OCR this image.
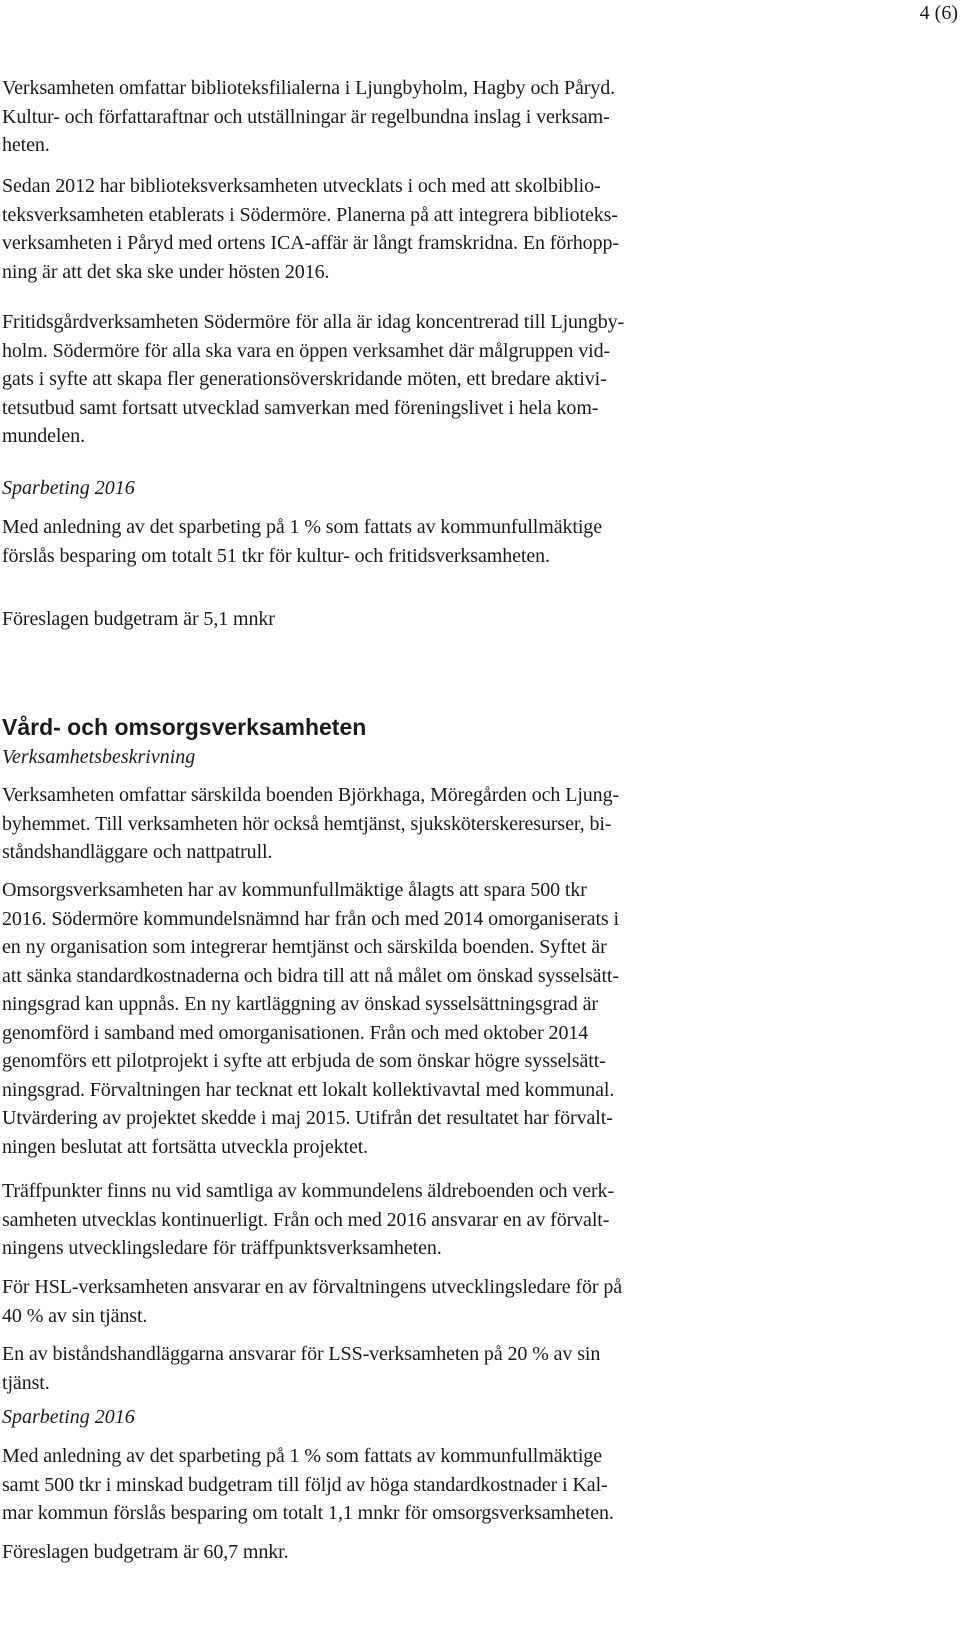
4 (6)

Verksamheten omfattar biblioteksfilialerna i Ljungbyholm, Hagby och Påryd.
Kultur- och författaraftnar och utställningar är regelbundna inslag i verksam-
heten.

Sedan 2012 har biblioteksverksamheten utvecklats i och med att skolbiblio-
teksverksamheten etablerats i Södermöre. Planerna på att integrera biblioteks-
verksamheten i Påryd med ortens ICA-affär är långt framskridna. En förhopp-
ning är att det ska ske under hösten 2016.

Fritidsgårdverksamheten Södermöre för alla är idag koncentrerad till Ljungby-
holm. Södermöre för alla ska vara en öppen verksamhet där målgruppen vid-
gats i syfte att skapa fler generationsöverskridande möten, ett bredare aktivi-
tetsutbud samt fortsatt utvecklad samverkan med föreningslivet i hela kom-
mundelen.

Sparbeting 2016

Med anledning av det sparbeting på 1 % som fattats av kommunfullmäktige
förslås besparing om totalt 51 tkr för kultur- och fritidsverksamheten.

Föreslagen budgetram är 5,1 mnkr

Vård- och omsorgsverksamheten
Verksamhetsbeskrivning

Verksamheten omfattar särskilda boenden Björkhaga, Möregården och Ljung-
byhemmet. Till verksamheten hör också hemtjänst, sjuksköterskeresurser, bi-
ståndshandläggare och nattpatrull.

Omsorgsverksamheten har av kommunfullmäktige ålagts att spara 500 tkr
2016. Södermöre kommundelsnämnd har från och med 2014 omorganiserats i
en ny organisation som integrerar hemtjänst och särskilda boenden. Syftet är
att sänka standardkostnaderna och bidra till att nå målet om önskad sysselsätt-
ningsgrad kan uppnås. En ny kartläggning av önskad sysselsättningsgrad är
genomförd i samband med omorganisationen. Från och med oktober 2014
genomförs ett pilotprojekt i syfte att erbjuda de som önskar högre sysselsätt-
ningsgrad. Förvaltningen har tecknat ett lokalt kollektivavtal med kommunal.
Utvärdering av projektet skedde i maj 2015. Utifrån det resultatet har förvalt-
ningen beslutat att fortsätta utveckla projektet.

Träffpunkter finns nu vid samtliga av kommundelens äldreboenden och verk-
samheten utvecklas kontinuerligt. Från och med 2016 ansvarar en av förvalt-
ningens utvecklingsledare för träffpunktsverksamheten.

För HSL-verksamheten ansvarar en av förvaltningens utvecklingsledare för på
40 % av sin tjänst.

En av biståndshandläggarna ansvarar för LSS-verksamheten på 20 % av sin
tjänst.

Sparbeting 2016

Med anledning av det sparbeting på 1 % som fattats av kommunfullmäktige
samt 500 tkr i minskad budgetram till följd av höga standardkostnader i Kal-
mar kommun förslås besparing om totalt 1,1 mnkr för omsorgsverksamheten.

Föreslagen budgetram är 60,7 mnkr.
